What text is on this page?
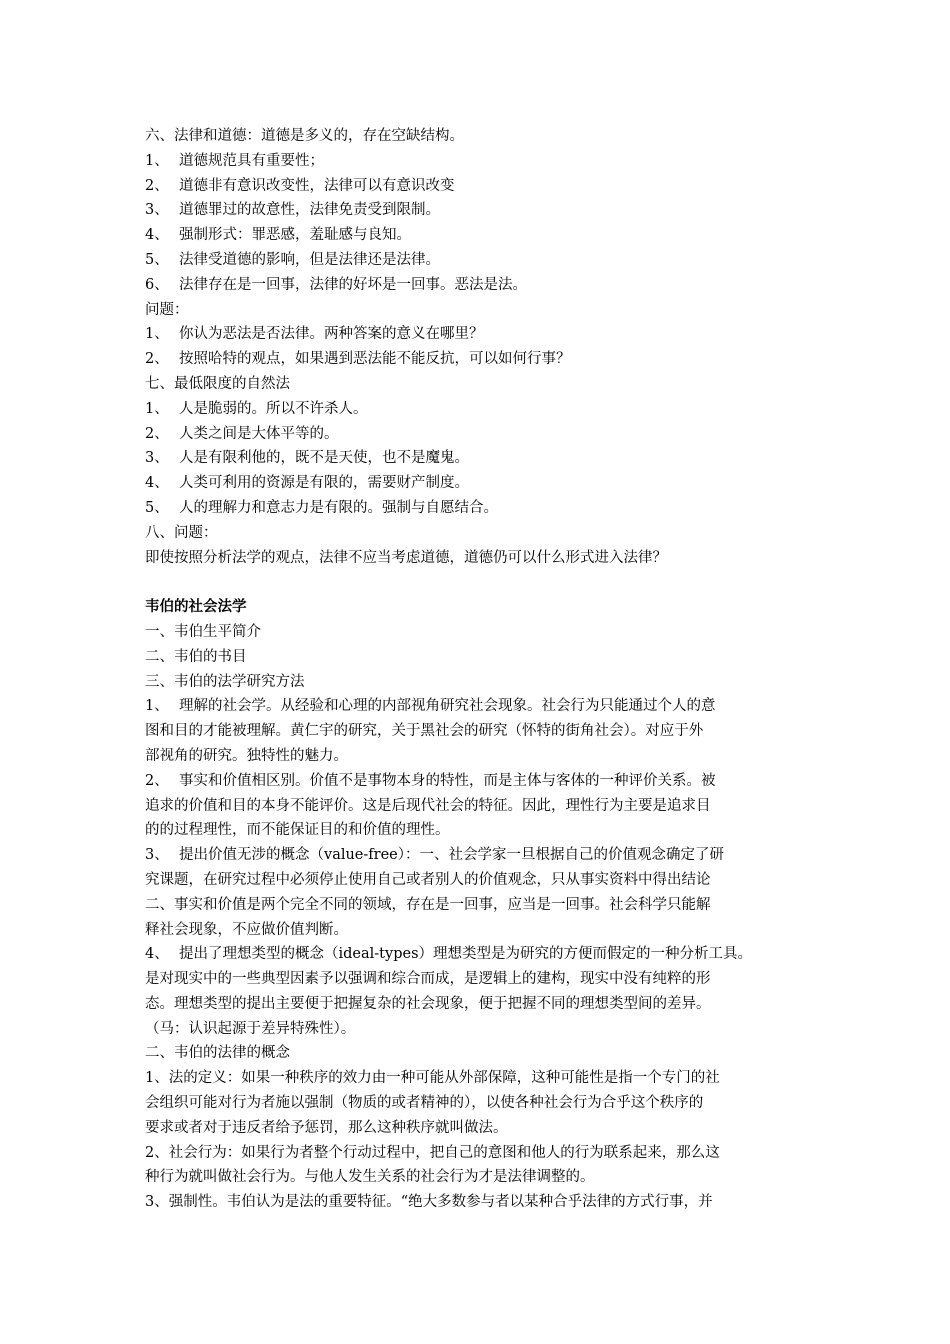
六、法律和道德：道德是多义的，存在空缺结构。
1、 道德规范具有重要性；
2、 道德非有意识改变性，法律可以有意识改变
3、 道德罪过的故意性，法律免责受到限制。
4、 强制形式：罪恶感，羞耻感与良知。
5、 法律受道德的影响，但是法律还是法律。
6、 法律存在是一回事，法律的好坏是一回事。恶法是法。
问题：
1、 你认为恶法是否法律。两种答案的意义在哪里？
2、 按照哈特的观点，如果遇到恶法能不能反抗，可以如何行事？
七、最低限度的自然法
1、 人是脆弱的。所以不许杀人。
2、 人类之间是大体平等的。
3、 人是有限利他的，既不是天使，也不是魔鬼。
4、 人类可利用的资源是有限的，需要财产制度。
5、 人的理解力和意志力是有限的。强制与自愿结合。
八、问题：
即使按照分析法学的观点，法律不应当考虑道德，道德仍可以什么形式进入法律？
韦伯的社会法学
一、韦伯生平简介
二、韦伯的书目
三、韦伯的法学研究方法
1、 理解的社会学。从经验和心理的内部视角研究社会现象。社会行为只能通过个人的意
图和目的才能被理解。黄仁宇的研究，关于黑社会的研究（怀特的街角社会）。对应于外
部视角的研究。独特性的魅力。
2、 事实和价值相区别。价值不是事物本身的特性，而是主体与客体的一种评价关系。被
追求的价值和目的本身不能评价。这是后现代社会的特征。因此，理性行为主要是追求目
的的过程理性，而不能保证目的和价值的理性。
3、 提出价值无涉的概念（value-free）：一、社会学家一旦根据自己的价值观念确定了研
究课题，在研究过程中必须停止使用自己或者别人的价值观念，只从事实资料中得出结论
二、事实和价值是两个完全不同的领域，存在是一回事，应当是一回事。社会科学只能解
释社会现象，不应做价值判断。
4、 提出了理想类型的概念（ideal-types）理想类型是为研究的方便而假定的一种分析工具。
是对现实中的一些典型因素予以强调和综合而成，是逻辑上的建构，现实中没有纯粹的形
态。理想类型的提出主要便于把握复杂的社会现象，便于把握不同的理想类型间的差异。
（马：认识起源于差异特殊性）。
二、韦伯的法律的概念
1、法的定义：如果一种秩序的效力由一种可能从外部保障，这种可能性是指一个专门的社
会组织可能对行为者施以强制（物质的或者精神的），以使各种社会行为合乎这个秩序的
要求或者对于违反者给予惩罚，那么这种秩序就叫做法。
2、社会行为：如果行为者整个行动过程中，把自己的意图和他人的行为联系起来，那么这
种行为就叫做社会行为。与他人发生关系的社会行为才是法律调整的。
3、强制性。韦伯认为是法的重要特征。“绝大多数参与者以某种合乎法律的方式行事，并
